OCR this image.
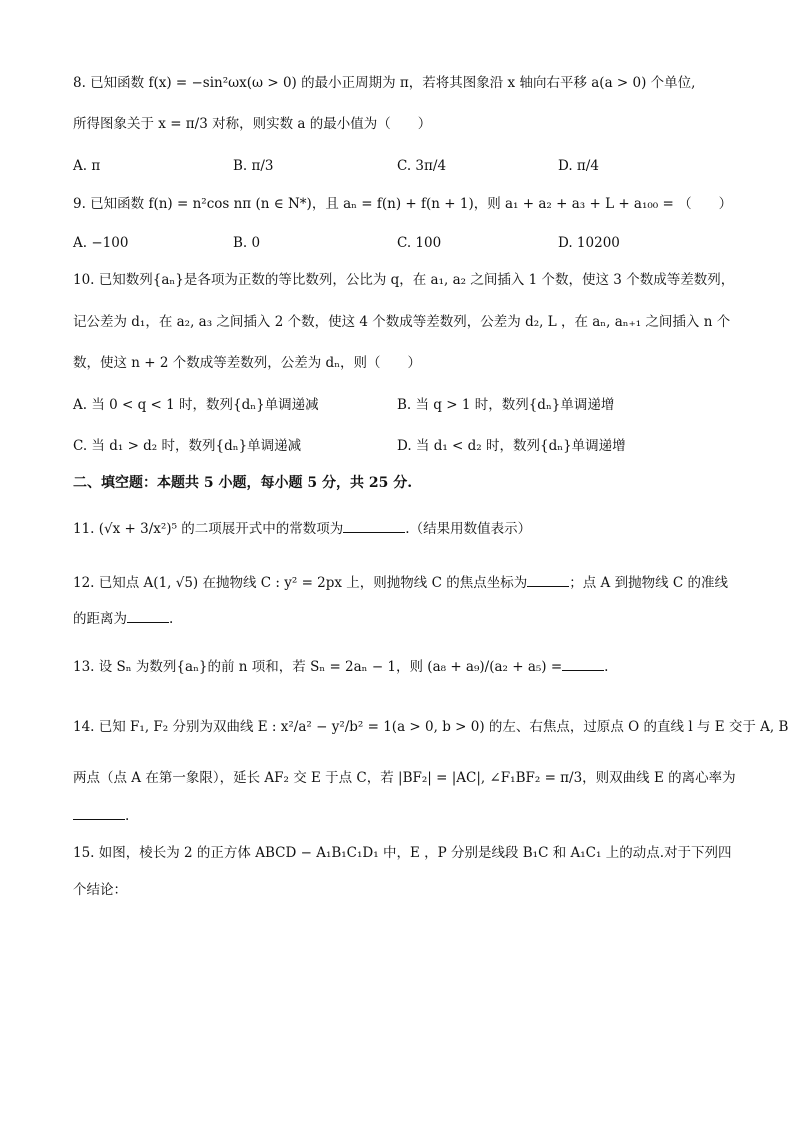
8. 已知函数 f(x) = −sin²ωx(ω > 0) 的最小正周期为 π，若将其图象沿 x 轴向右平移 a(a > 0) 个单位,
所得图象关于 x = π/3 对称，则实数 a 的最小值为（　　）
A. π	B. π/3	C. 3π/4	D. π/4
9. 已知函数 f(n) = n²cos nπ (n ∈ N*)，且 aₙ = f(n) + f(n + 1)，则 a₁ + a₂ + a₃ + L + a₁₀₀ = （　　）
A. −100	B. 0	C. 100	D. 10200
10. 已知数列{aₙ}是各项为正数的等比数列，公比为 q，在 a₁, a₂ 之间插入 1 个数，使这 3 个数成等差数列，
记公差为 d₁，在 a₂, a₃ 之间插入 2 个数，使这 4 个数成等差数列，公差为 d₂, L ，在 aₙ, aₙ₊₁ 之间插入 n 个
数，使这 n + 2 个数成等差数列，公差为 dₙ，则（　　）
A. 当 0 < q < 1 时，数列{dₙ}单调递减	B. 当 q > 1 时，数列{dₙ}单调递增
C. 当 d₁ > d₂ 时，数列{dₙ}单调递减	D. 当 d₁ < d₂ 时，数列{dₙ}单调递增
二、填空题：本题共 5 小题，每小题 5 分，共 25 分.
11. (√x + 3/x²)⁵ 的二项展开式中的常数项为	.（结果用数值表示）
12. 已知点 A(1, √5) 在抛物线 C : y² = 2px 上，则抛物线 C 的焦点坐标为	；点 A 到抛物线 C 的准线
的距离为	.
13. 设 Sₙ 为数列{aₙ}的前 n 项和，若 Sₙ = 2aₙ − 1，则 (a₈ + a₉)/(a₂ + a₅) =	.
14. 已知 F₁, F₂ 分别为双曲线 E : x²/a² − y²/b² = 1(a > 0, b > 0) 的左、右焦点，过原点 O 的直线 l 与 E 交于 A, B
两点（点 A 在第一象限），延长 AF₂ 交 E 于点 C，若 |BF₂| = |AC|, ∠F₁BF₂ = π/3，则双曲线 E 的离心率为
.
15. 如图，棱长为 2 的正方体 ABCD − A₁B₁C₁D₁ 中，E ，P 分别是线段 B₁C 和 A₁C₁ 上的动点.对于下列四
个结论：
